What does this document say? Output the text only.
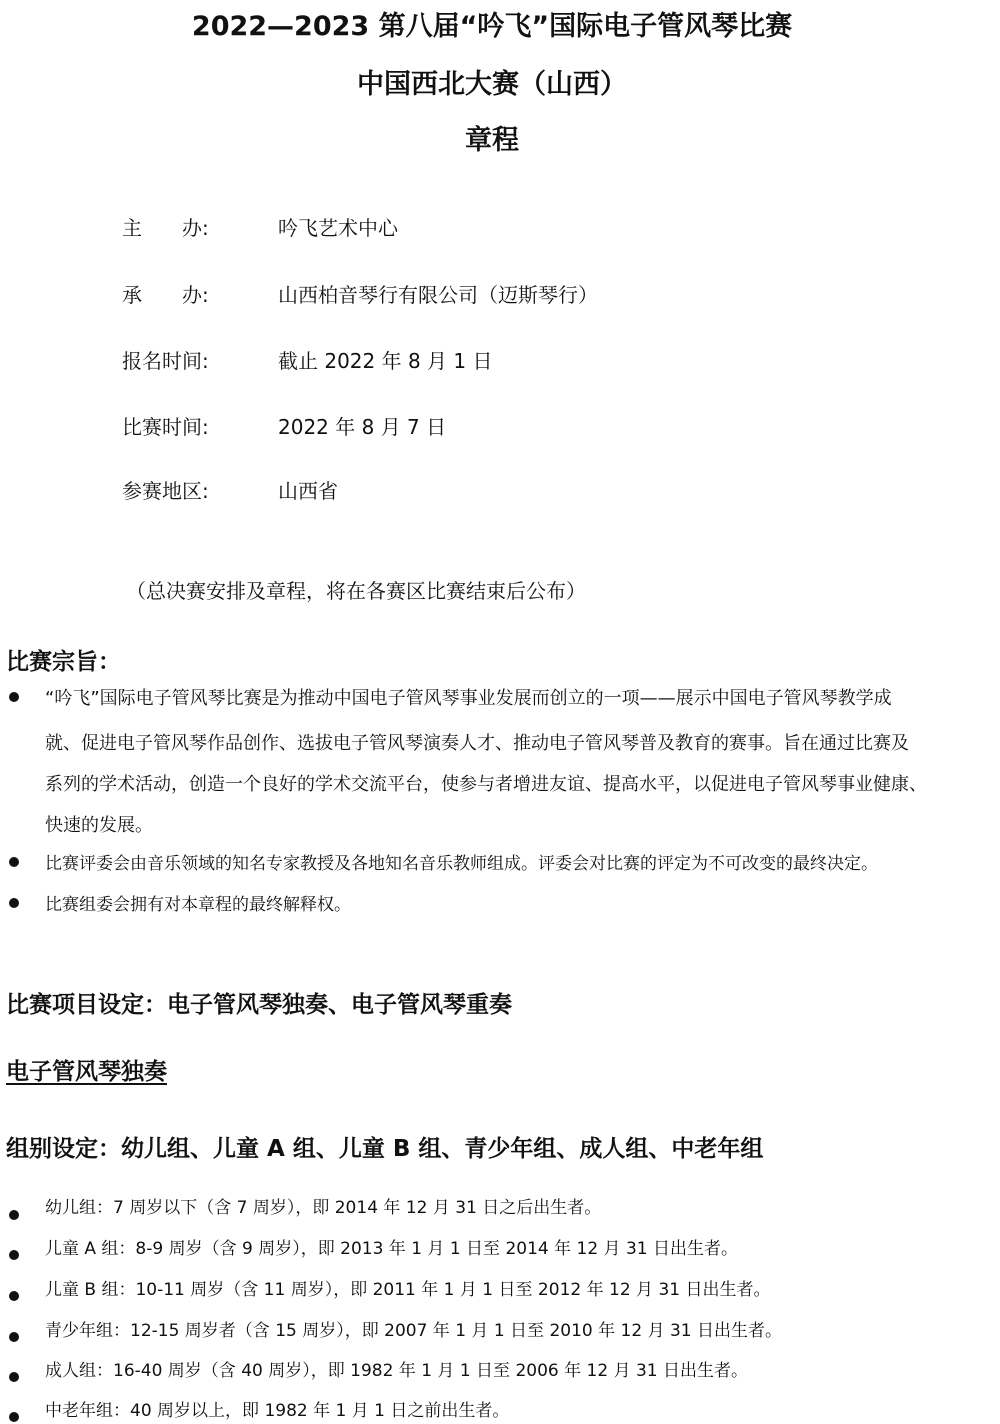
2022—2023 第八届“吟飞”国际电子管风琴比赛
中国西北大赛（山西）
章程
主　　办:	吟飞艺术中心
承　　办:	山西柏音琴行有限公司（迈斯琴行）
报名时间:	截止 2022 年 8 月 1 日
比赛时间:	2022 年 8 月 7 日
参赛地区:	山西省
（总决赛安排及章程，将在各赛区比赛结束后公布）
比赛宗旨：
“吟飞”国际电子管风琴比赛是为推动中国电子管风琴事业发展而创立的一项——展示中国电子管风琴教学成
就、促进电子管风琴作品创作、选拔电子管风琴演奏人才、推动电子管风琴普及教育的赛事。旨在通过比赛及
系列的学术活动，创造一个良好的学术交流平台，使参与者增进友谊、提高水平，以促进电子管风琴事业健康、
快速的发展。
比赛评委会由音乐领域的知名专家教授及各地知名音乐教师组成。评委会对比赛的评定为不可改变的最终决定。
比赛组委会拥有对本章程的最终解释权。
比赛项目设定：电子管风琴独奏、电子管风琴重奏
电子管风琴独奏
组别设定：幼儿组、儿童 A 组、儿童 B 组、青少年组、成人组、中老年组
幼儿组：7 周岁以下（含 7 周岁），即 2014 年 12 月 31 日之后出生者。
儿童 A 组：8-9 周岁（含 9 周岁），即 2013 年 1 月 1 日至 2014 年 12 月 31 日出生者。
儿童 B 组：10-11 周岁（含 11 周岁），即 2011 年 1 月 1 日至 2012 年 12 月 31 日出生者。
青少年组：12-15 周岁者（含 15 周岁），即 2007 年 1 月 1 日至 2010 年 12 月 31 日出生者。
成人组：16-40 周岁（含 40 周岁），即 1982 年 1 月 1 日至 2006 年 12 月 31 日出生者。
中老年组：40 周岁以上，即 1982 年 1 月 1 日之前出生者。
